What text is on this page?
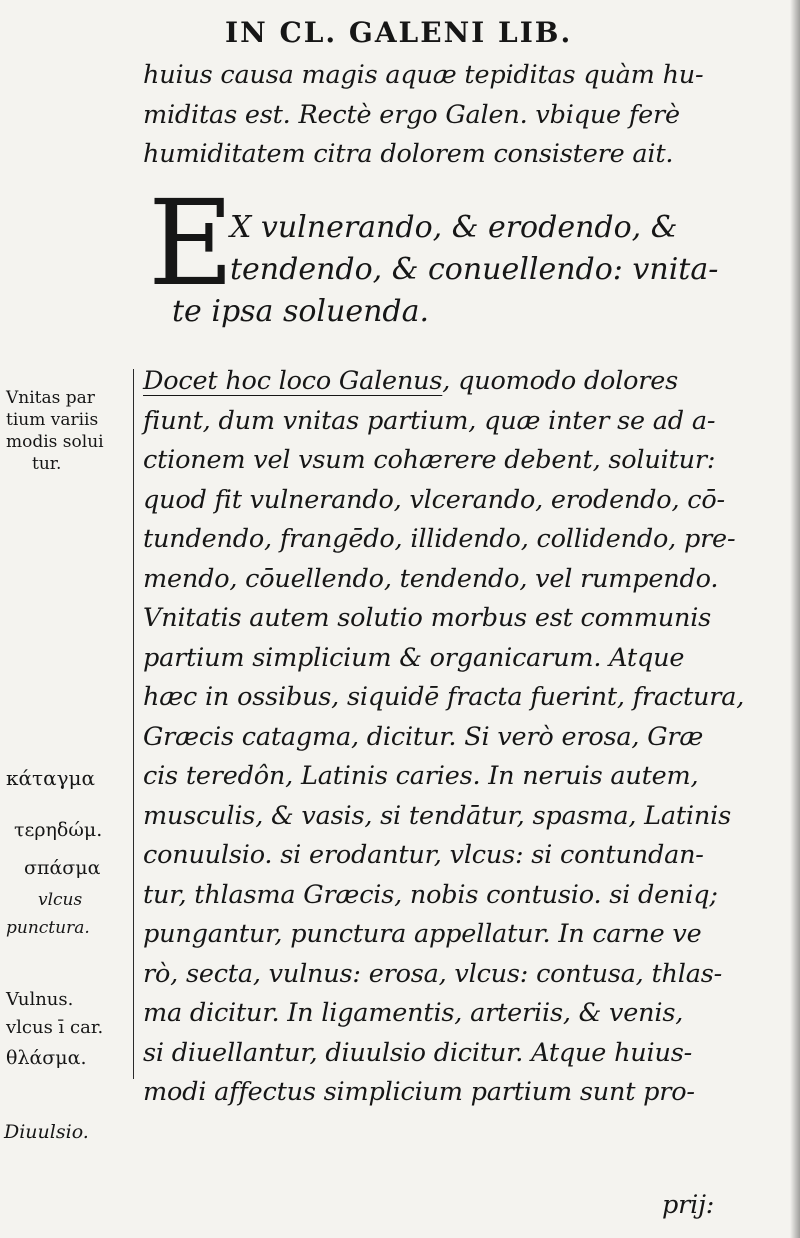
IN CL. GALENI LIB.
huius causa magis aquæ tepiditas quàm hu-
miditas est. Rectè ergo Galen. vbique ferè
humiditatem citra dolorem consistere ait.
E
X vulnerando, & erodendo, &
tendendo, & conuellendo: vnita-
te ipsa soluenda.
Docet hoc loco Galenus, quomodo dolores
fiunt, dum vnitas partium, quæ inter se ad a-
ctionem vel vsum cohærere debent, soluitur:
quod fit vulnerando, vlcerando, erodendo, cō-
tundendo, frangēdo, illidendo, collidendo, pre-
mendo, cōuellendo, tendendo, vel rumpendo.
Vnitatis autem solutio morbus est communis
partium simplicium & organicarum. Atque
hæc in ossibus, siquidē fracta fuerint, fractura,
Græcis catagma, dicitur. Si verò erosa, Græ
cis teredôn, Latinis caries. In neruis autem,
musculis, & vasis, si tendātur, spasma, Latinis
conuulsio. si erodantur, vlcus: si contundan-
tur, thlasma Græcis, nobis contusio. si deniq;
pungantur, punctura appellatur. In carne ve
rò, secta, vulnus: erosa, vlcus: contusa, thlas-
ma dicitur. In ligamentis, arteriis, & venis,
si diuellantur, diuulsio dicitur. Atque huius-
modi affectus simplicium partium sunt pro-
prij:
Vnitas par
tium variis
modis solui
tur.
κάταγμα
τερηδώμ.
σπάσμα
vlcus
punctura.
Vulnus.
vlcus ī car.
θλάσμα.
Diuulsio.
